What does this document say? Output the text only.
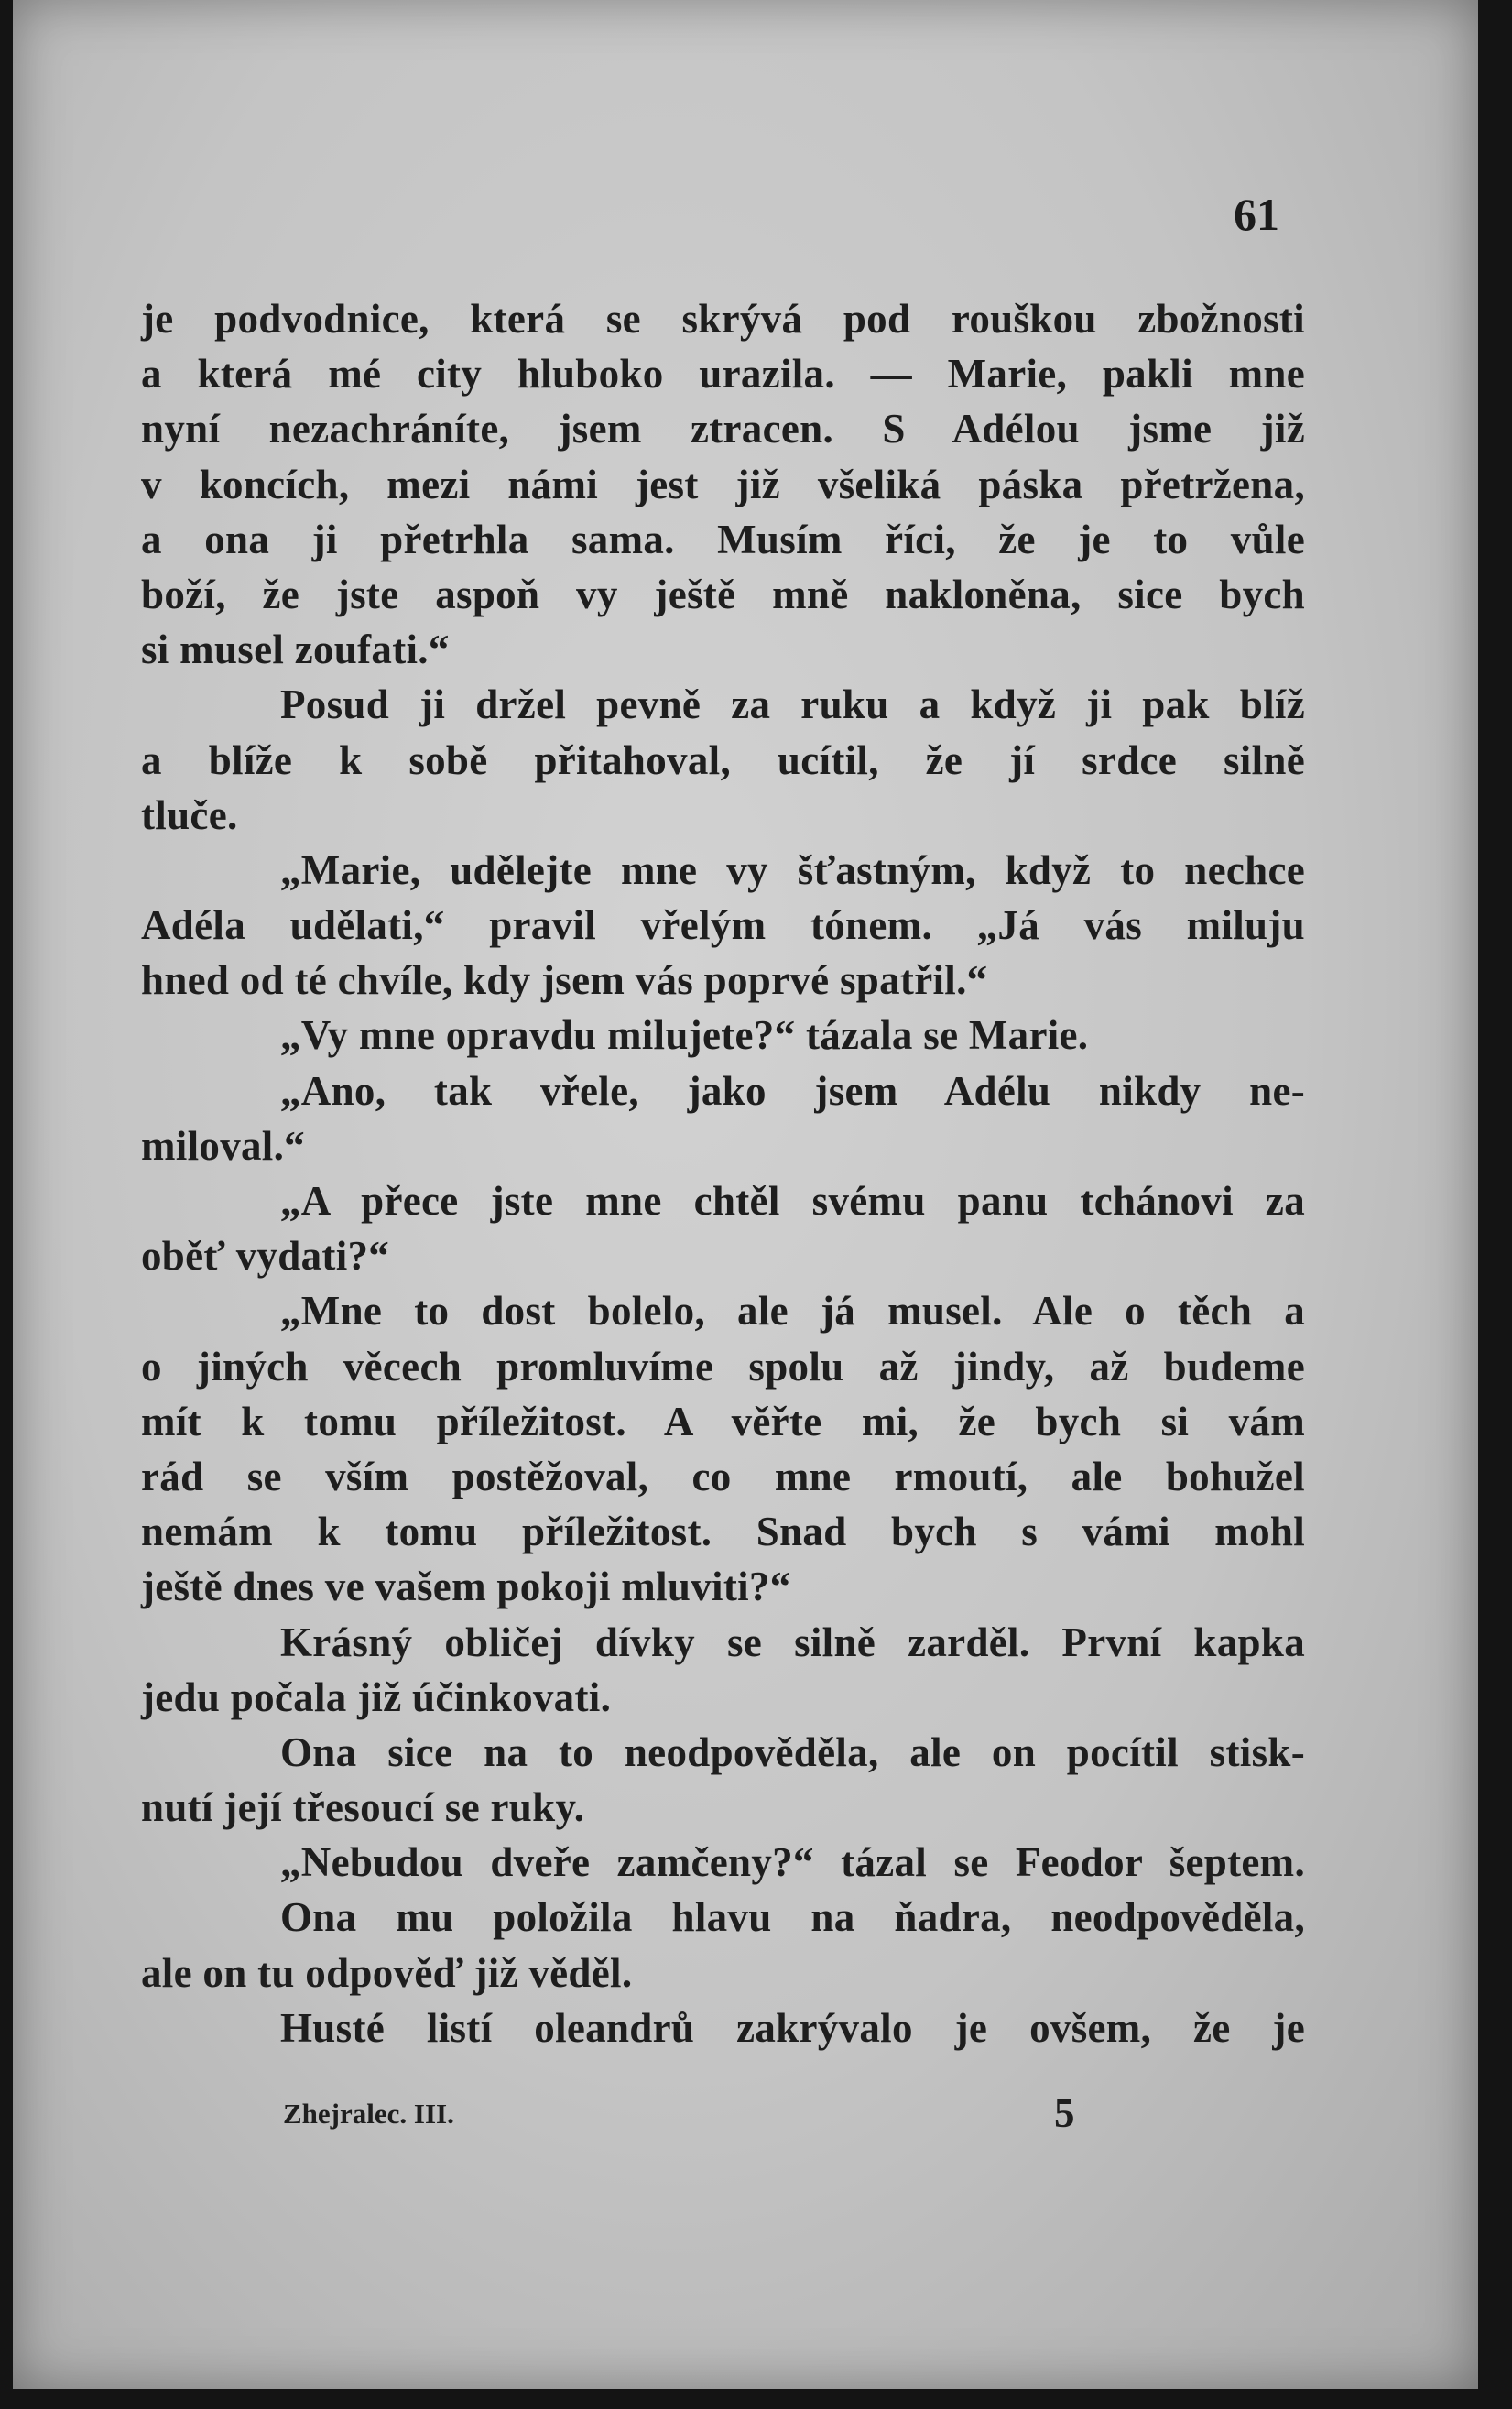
61
je podvodnice, která se skrývá pod rouškou zbožnosti
a která mé city hluboko urazila. — Marie, pakli mne
nyní nezachráníte, jsem ztracen. S Adélou jsme již
v koncích, mezi námi jest již všeliká páska přetržena,
a ona ji přetrhla sama. Musím říci, že je to vůle
boží, že jste aspoň vy ještě mně nakloněna, sice bych
si musel zoufati.“
Posud ji držel pevně za ruku a když ji pak blíž
a blíže k sobě přitahoval, ucítil, že jí srdce silně
tluče.
„Marie, udělejte mne vy šťastným, když to nechce
Adéla udělati,“ pravil vřelým tónem. „Já vás miluju
hned od té chvíle, kdy jsem vás poprvé spatřil.“
„Vy mne opravdu milujete?“ tázala se Marie.
„Ano, tak vřele, jako jsem Adélu nikdy ne-
miloval.“
„A přece jste mne chtěl svému panu tchánovi za
oběť vydati?“
„Mne to dost bolelo, ale já musel. Ale o těch a
o jiných věcech promluvíme spolu až jindy, až budeme
mít k tomu příležitost. A věřte mi, že bych si vám
rád se vším postěžoval, co mne rmoutí, ale bohužel
nemám k tomu příležitost. Snad bych s vámi mohl
ještě dnes ve vašem pokoji mluviti?“
Krásný obličej dívky se silně zarděl. První kapka
jedu počala již účinkovati.
Ona sice na to neodpověděla, ale on pocítil stisk-
nutí její třesoucí se ruky.
„Nebudou dveře zamčeny?“ tázal se Feodor šeptem.
Ona mu položila hlavu na ňadra, neodpověděla,
ale on tu odpověď již věděl.
Husté listí oleandrů zakrývalo je ovšem, že je
Zhejralec. III.	5
